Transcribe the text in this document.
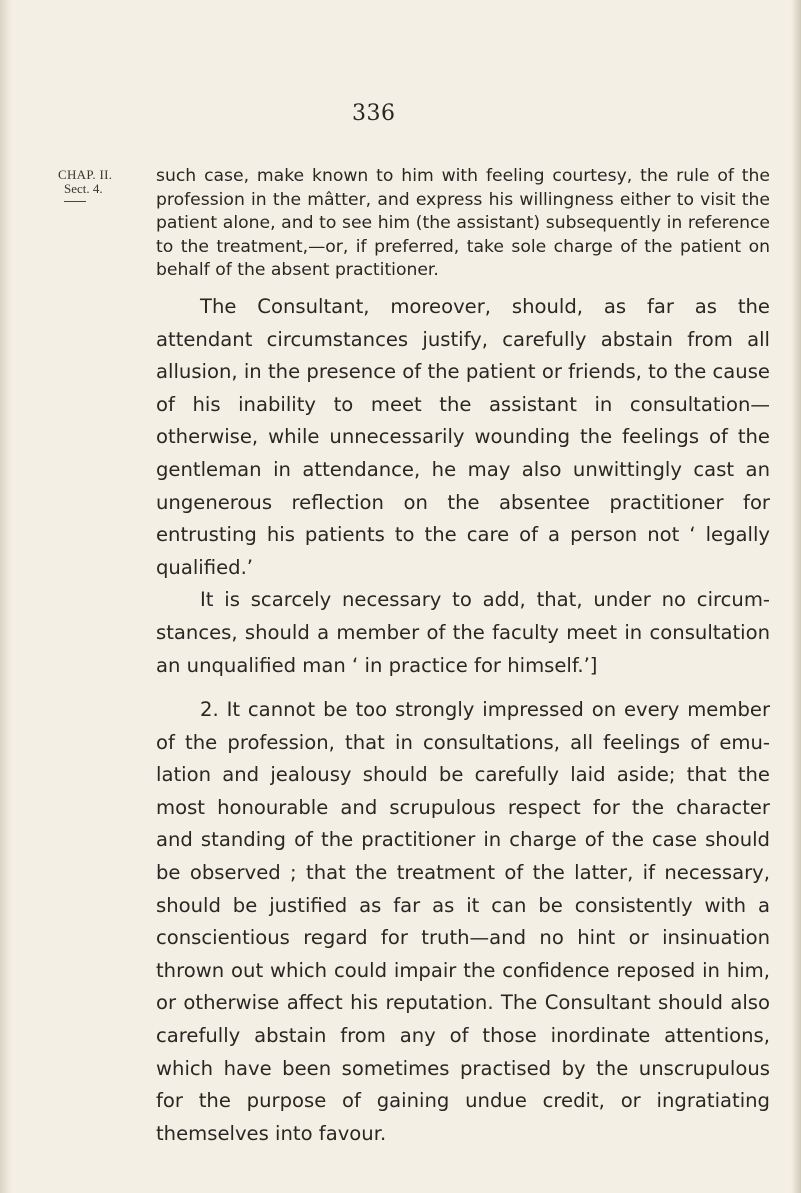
336
CHAP. II.
Sect. 4.

such case, make known to him with feeling courtesy, the rule of the profession in the mâtter, and express his willingness either to visit the patient alone, and to see him (the assistant) subsequently in reference to the treatment,—or, if preferred, take sole charge of the patient on behalf of the absent practitioner.

The Consultant, moreover, should, as far as the attendant circumstances justify, carefully abstain from all allusion, in the presence of the patient or friends, to the cause of his inability to meet the assistant in consultation—otherwise, while unnecessarily wounding the feelings of the gentleman in attendance, he may also unwittingly cast an ungenerous reflection on the absentee practitioner for entrusting his patients to the care of a person not ‘ legally qualified.’

It is scarcely necessary to add, that, under no circum- stances, should a member of the faculty meet in consultation an unqualified man ‘ in practice for himself.’]

2. It cannot be too strongly impressed on every member of the profession, that in consultations, all feelings of emu- lation and jealousy should be carefully laid aside; that the most honourable and scrupulous respect for the character and standing of the practitioner in charge of the case should be observed ; that the treatment of the latter, if necessary, should be justified as far as it can be consistently with a conscientious regard for truth—and no hint or insinuation thrown out which could impair the confidence reposed in him, or otherwise affect his reputation. The Consultant should also carefully abstain from any of those inordinate attentions, which have been sometimes practised by the unscrupulous for the purpose of gaining undue credit, or ingratiating themselves into favour.
